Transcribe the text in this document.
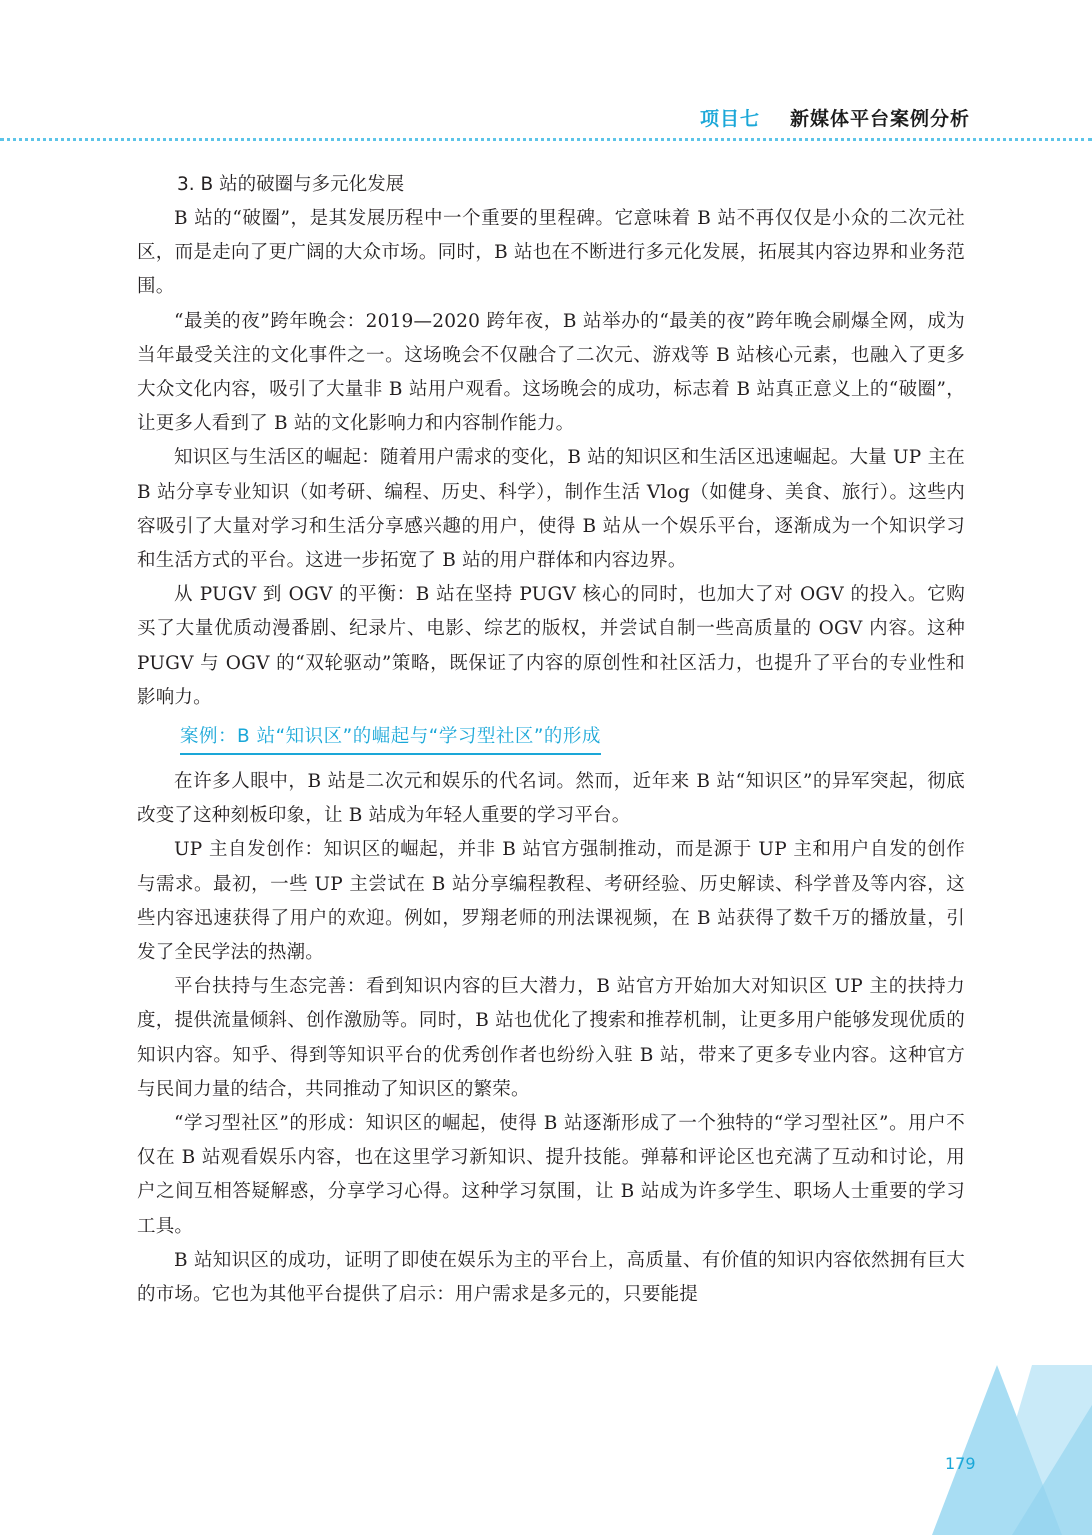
项目七 新媒体平台案例分析
3. B 站的破圈与多元化发展

B 站的“破圈”，是其发展历程中一个重要的里程碑。它意味着 B 站不再仅仅是小众的二次元社区，而是走向了更广阔的大众市场。同时，B 站也在不断进行多元化发展，拓展其内容边界和业务范围。

“最美的夜”跨年晚会：2019—2020 跨年夜，B 站举办的“最美的夜”跨年晚会刷爆全网，成为当年最受关注的文化事件之一。这场晚会不仅融合了二次元、游戏等 B 站核心元素，也融入了更多大众文化内容，吸引了大量非 B 站用户观看。这场晚会的成功，标志着 B 站真正意义上的“破圈”，让更多人看到了 B 站的文化影响力和内容制作能力。

知识区与生活区的崛起：随着用户需求的变化，B 站的知识区和生活区迅速崛起。大量 UP 主在 B 站分享专业知识（如考研、编程、历史、科学），制作生活 Vlog（如健身、美食、旅行）。这些内容吸引了大量对学习和生活分享感兴趣的用户，使得 B 站从一个娱乐平台，逐渐成为一个知识学习和生活方式的平台。这进一步拓宽了 B 站的用户群体和内容边界。

从 PUGV 到 OGV 的平衡：B 站在坚持 PUGV 核心的同时，也加大了对 OGV 的投入。它购买了大量优质动漫番剧、纪录片、电影、综艺的版权，并尝试自制一些高质量的 OGV 内容。这种 PUGV 与 OGV 的“双轮驱动”策略，既保证了内容的原创性和社区活力，也提升了平台的专业性和影响力。

案例：B 站“知识区”的崛起与“学习型社区”的形成

在许多人眼中，B 站是二次元和娱乐的代名词。然而，近年来 B 站“知识区”的异军突起，彻底改变了这种刻板印象，让 B 站成为年轻人重要的学习平台。

UP 主自发创作：知识区的崛起，并非 B 站官方强制推动，而是源于 UP 主和用户自发的创作与需求。最初，一些 UP 主尝试在 B 站分享编程教程、考研经验、历史解读、科学普及等内容，这些内容迅速获得了用户的欢迎。例如，罗翔老师的刑法课视频，在 B 站获得了数千万的播放量，引发了全民学法的热潮。

平台扶持与生态完善：看到知识内容的巨大潜力，B 站官方开始加大对知识区 UP 主的扶持力度，提供流量倾斜、创作激励等。同时，B 站也优化了搜索和推荐机制，让更多用户能够发现优质的知识内容。知乎、得到等知识平台的优秀创作者也纷纷入驻 B 站，带来了更多专业内容。这种官方与民间力量的结合，共同推动了知识区的繁荣。

“学习型社区”的形成：知识区的崛起，使得 B 站逐渐形成了一个独特的“学习型社区”。用户不仅在 B 站观看娱乐内容，也在这里学习新知识、提升技能。弹幕和评论区也充满了互动和讨论，用户之间互相答疑解惑，分享学习心得。这种学习氛围，让 B 站成为许多学生、职场人士重要的学习工具。

B 站知识区的成功，证明了即使在娱乐为主的平台上，高质量、有价值的知识内容依然拥有巨大的市场。它也为其他平台提供了启示：用户需求是多元的，只要能提

179
